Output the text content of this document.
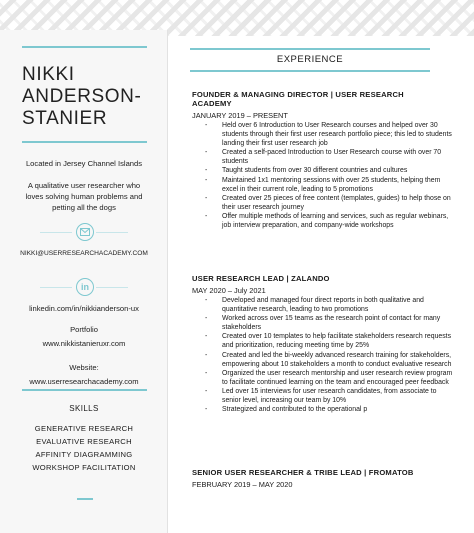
NIKKI
ANDERSON-
STANIER
Located in Jersey Channel Islands
A qualitative user researcher who loves solving human problems and petting all the dogs
NIKKI@USERRESEARCHACADEMY.COM
in
linkedin.com/in/nikkianderson-ux
Portfolio
www.nikkistanieruxr.com
Website:
www.userresearchacademy.com
SKILLS
GENERATIVE RESEARCH
EVALUATIVE RESEARCH
AFFINITY DIAGRAMMING
WORKSHOP FACILITATION
EXPERIENCE
FOUNDER & MANAGING DIRECTOR | USER RESEARCH ACADEMY
JANUARY 2019 – PRESENT
- Held over 6 Introduction to User Research courses and helped over 30 students through their first user research portfolio piece; this led to students landing their first user research job
- Created a self-paced Introduction to User Research course with over 70 students
- Taught students from over 30 different countries and cultures
- Maintained 1x1 mentoring sessions with over 25 students, helping them excel in their current role, leading to 5 promotions
- Created over 25 pieces of free content (templates, guides) to help those on their user research journey
- Offer multiple methods of learning and services, such as regular webinars, job interview preparation, and company-wide workshops
USER RESEARCH LEAD | ZALANDO
MAY 2020 – July 2021
- Developed and managed four direct reports in both qualitative and quantitative research, leading to two promotions
- Worked across over 15 teams as the research point of contact for many stakeholders
- Created over 10 templates to help facilitate stakeholders research requests and prioritization, reducing meeting time by 25%
- Created and led the bi-weekly advanced research training for stakeholders, empowering about 10 stakeholders a month to conduct evaluative research
- Organized the user research mentorship and user research review program to facilitate continued learning on the team and encouraged peer feedback
- Led over 15 interviews for user research candidates, from associate to senior level, increasing our team by 10%
- Strategized and contributed to the operational p
SENIOR USER RESEARCHER & TRIBE LEAD | FROMATOB
FEBRUARY 2019 – MAY 2020
